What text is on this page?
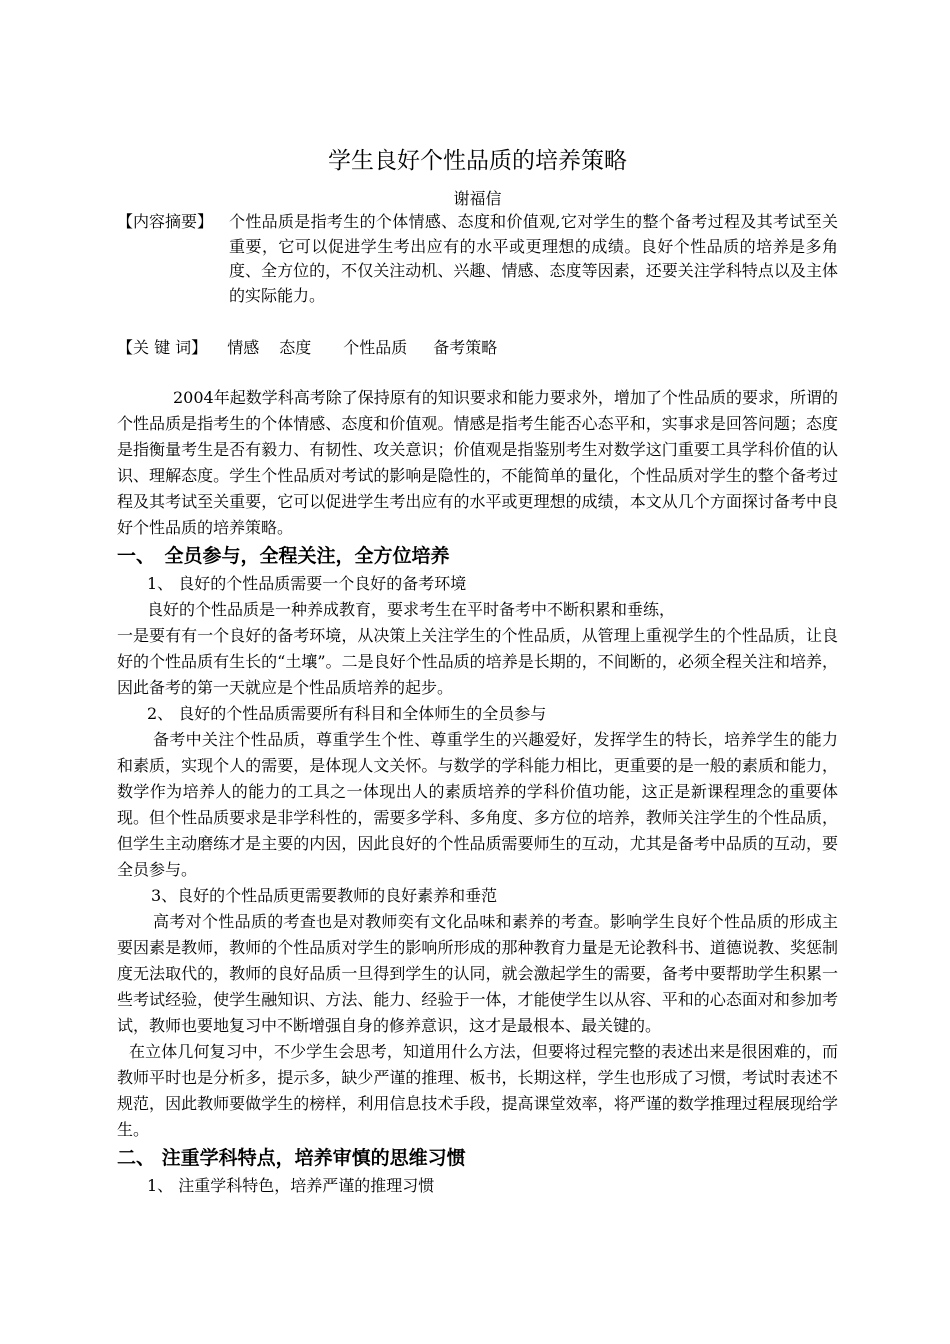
学生良好个性品质的培养策略
谢福信
【内容摘要】 个性品质是指考生的个体情感、态度和价值观,它对学生的整个备考过程及其考试至关重要，它可以促进学生考出应有的水平或更理想的成绩。良好个性品质的培养是多角度、全方位的，不仅关注动机、兴趣、情感、态度等因素，还要关注学科特点以及主体的实际能力。
【关 键 词】 情感 态度 个性品质 备考策略

2004年起数学科高考除了保持原有的知识要求和能力要求外，增加了个性品质的要求，所谓的个性品质是指考生的个体情感、态度和价值观。情感是指考生能否心态平和，实事求是回答问题；态度是指衡量考生是否有毅力、有韧性、攻关意识；价值观是指鉴别考生对数学这门重要工具学科价值的认识、理解态度。学生个性品质对考试的影响是隐性的，不能简单的量化，个性品质对学生的整个备考过程及其考试至关重要，它可以促进学生考出应有的水平或更理想的成绩，本文从几个方面探讨备考中良好个性品质的培养策略。

一、　全员参与，全程关注，全方位培养

1、 良好的个性品质需要一个良好的备考环境

良好的个性品质是一种养成教育，要求考生在平时备考中不断积累和垂练，

一是要有有一个良好的备考环境，从决策上关注学生的个性品质，从管理上重视学生的个性品质，让良好的个性品质有生长的“土壤”。二是良好个性品质的培养是长期的，不间断的，必须全程关注和培养，因此备考的第一天就应是个性品质培养的起步。

2、 良好的个性品质需要所有科目和全体师生的全员参与

备考中关注个性品质，尊重学生个性、尊重学生的兴趣爱好，发挥学生的特长，培养学生的能力和素质，实现个人的需要，是体现人文关怀。与数学的学科能力相比，更重要的是一般的素质和能力，数学作为培养人的能力的工具之一体现出人的素质培养的学科价值功能，这正是新课程理念的重要体现。但个性品质要求是非学科性的，需要多学科、多角度、多方位的培养，教师关注学生的个性品质，但学生主动磨练才是主要的内因，因此良好的个性品质需要师生的互动，尤其是备考中品质的互动，要全员参与。

3、良好的个性品质更需要教师的良好素养和垂范

高考对个性品质的考查也是对教师奕有文化品味和素养的考查。影响学生良好个性品质的形成主要因素是教师，教师的个性品质对学生的影响所形成的那种教育力量是无论教科书、道德说教、奖惩制度无法取代的，教师的良好品质一旦得到学生的认同，就会激起学生的需要，备考中要帮助学生积累一些考试经验，使学生融知识、方法、能力、经验于一体，才能使学生以从容、平和的心态面对和参加考试，教师也要地复习中不断增强自身的修养意识，这才是最根本、最关键的。

在立体几何复习中，不少学生会思考，知道用什么方法，但要将过程完整的表述出来是很困难的，而教师平时也是分析多，提示多，缺少严谨的推理、板书，长期这样，学生也形成了习惯，考试时表述不规范，因此教师要做学生的榜样，利用信息技术手段，提高课堂效率，将严谨的数学推理过程展现给学生。

二、 注重学科特点，培养审慎的思维习惯

1、 注重学科特色，培养严谨的推理习惯
